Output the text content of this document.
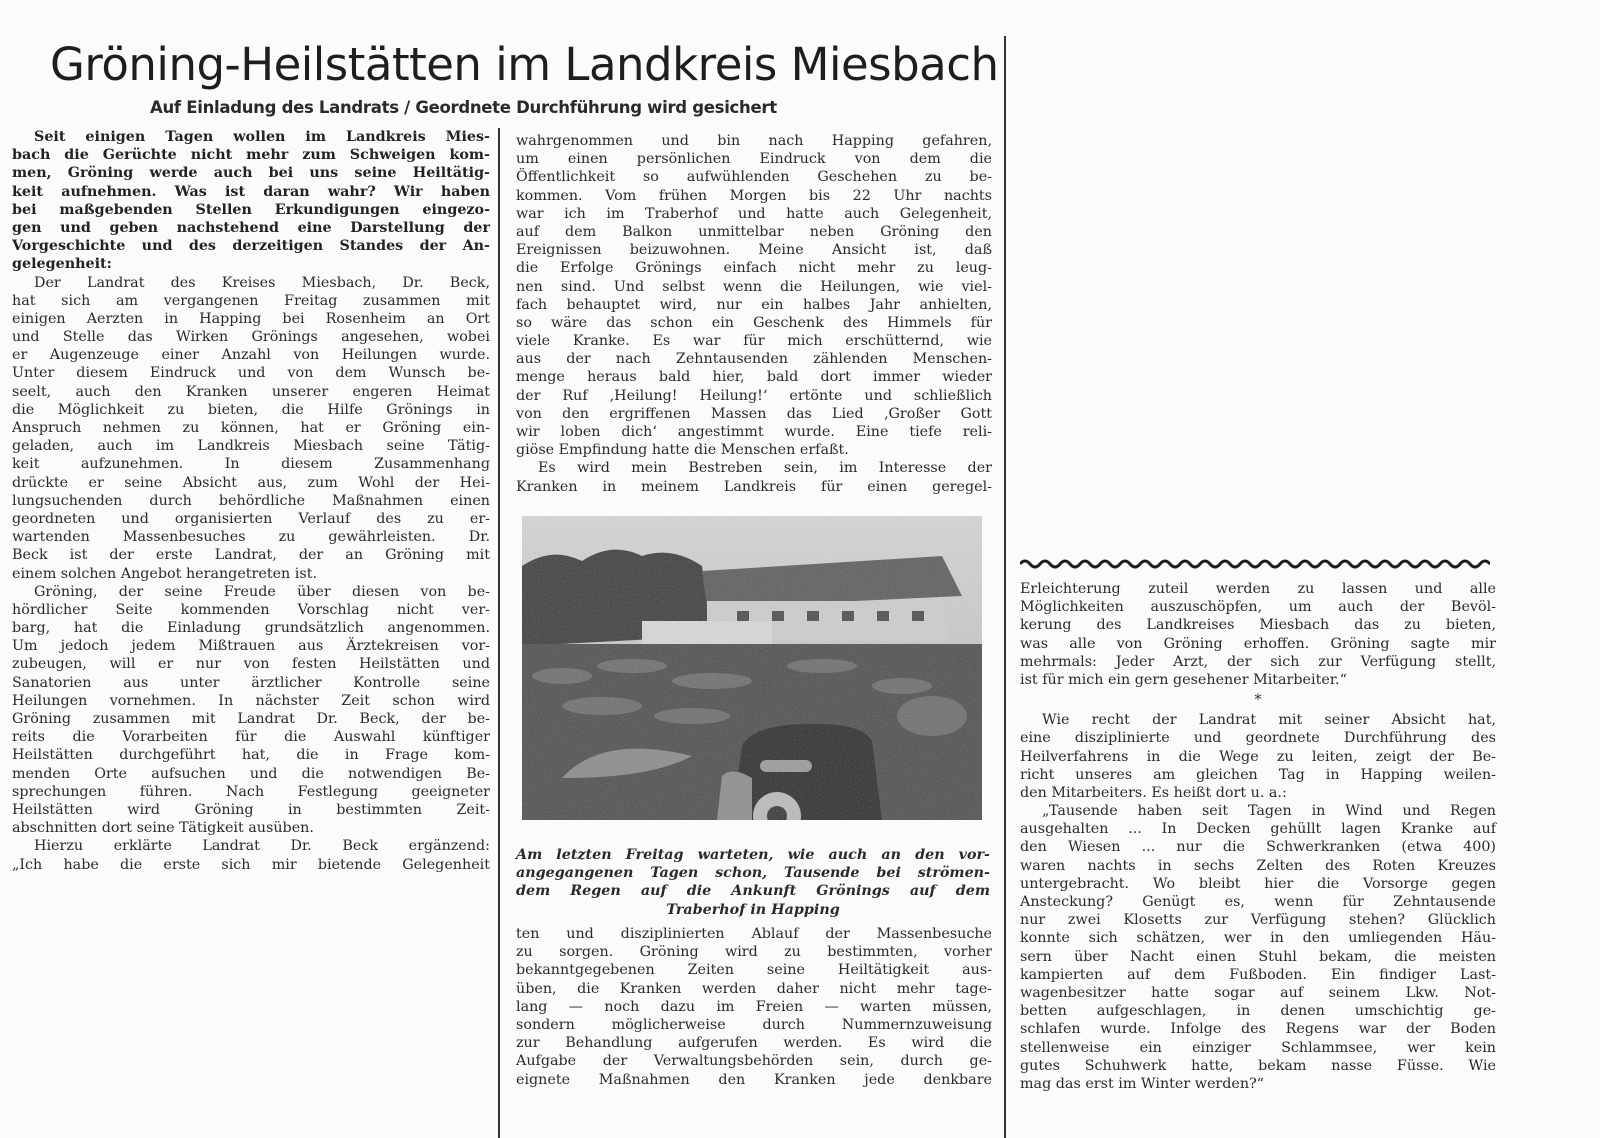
Gröning-Heilstätten im Landkreis Miesbach
Auf Einladung des Landrats / Geordnete Durchführung wird gesichert
Seit einigen Tagen wollen im Landkreis Mies-
bach die Gerüchte nicht mehr zum Schweigen kom-
men, Gröning werde auch bei uns seine Heiltätig-
keit aufnehmen. Was ist daran wahr? Wir haben
bei maßgebenden Stellen Erkundigungen eingezo-
gen und geben nachstehend eine Darstellung der
Vorgeschichte und des derzeitigen Standes der An-
gelegenheit:
Der Landrat des Kreises Miesbach, Dr. Beck,
hat sich am vergangenen Freitag zusammen mit
einigen Aerzten in Happing bei Rosenheim an Ort
und Stelle das Wirken Grönings angesehen, wobei
er Augenzeuge einer Anzahl von Heilungen wurde.
Unter diesem Eindruck und von dem Wunsch be-
seelt, auch den Kranken unserer engeren Heimat
die Möglichkeit zu bieten, die Hilfe Grönings in
Anspruch nehmen zu können, hat er Gröning ein-
geladen, auch im Landkreis Miesbach seine Tätig-
keit aufzunehmen. In diesem Zusammenhang
drückte er seine Absicht aus, zum Wohl der Hei-
lungsuchenden durch behördliche Maßnahmen einen
geordneten und organisierten Verlauf des zu er-
wartenden Massenbesuches zu gewährleisten. Dr.
Beck ist der erste Landrat, der an Gröning mit
einem solchen Angebot herangetreten ist.
Gröning, der seine Freude über diesen von be-
hördlicher Seite kommenden Vorschlag nicht ver-
barg, hat die Einladung grundsätzlich angenommen.
Um jedoch jedem Mißtrauen aus Ärztekreisen vor-
zubeugen, will er nur von festen Heilstätten und
Sanatorien aus unter ärztlicher Kontrolle seine
Heilungen vornehmen. In nächster Zeit schon wird
Gröning zusammen mit Landrat Dr. Beck, der be-
reits die Vorarbeiten für die Auswahl künftiger
Heilstätten durchgeführt hat, die in Frage kom-
menden Orte aufsuchen und die notwendigen Be-
sprechungen führen. Nach Festlegung geeigneter
Heilstätten wird Gröning in bestimmten Zeit-
abschnitten dort seine Tätigkeit ausüben.
Hierzu erklärte Landrat Dr. Beck ergänzend:
„Ich habe die erste sich mir bietende Gelegenheit
wahrgenommen und bin nach Happing gefahren,
um einen persönlichen Eindruck von dem die
Öffentlichkeit so aufwühlenden Geschehen zu be-
kommen. Vom frühen Morgen bis 22 Uhr nachts
war ich im Traberhof und hatte auch Gelegenheit,
auf dem Balkon unmittelbar neben Gröning den
Ereignissen beizuwohnen. Meine Ansicht ist, daß
die Erfolge Grönings einfach nicht mehr zu leug-
nen sind. Und selbst wenn die Heilungen, wie viel-
fach behauptet wird, nur ein halbes Jahr anhielten,
so wäre das schon ein Geschenk des Himmels für
viele Kranke. Es war für mich erschütternd, wie
aus der nach Zehntausenden zählenden Menschen-
menge heraus bald hier, bald dort immer wieder
der Ruf ‚Heilung! Heilung!‘ ertönte und schließlich
von den ergriffenen Massen das Lied ‚Großer Gott
wir loben dich‘ angestimmt wurde. Eine tiefe reli-
giöse Empfindung hatte die Menschen erfaßt.
Es wird mein Bestreben sein, im Interesse der
Kranken in meinem Landkreis für einen geregel-
Am letzten Freitag warteten, wie auch an den vor-
angegangenen Tagen schon, Tausende bei strömen-
dem Regen auf die Ankunft Grönings auf dem
Traberhof in Happing
ten und disziplinierten Ablauf der Massenbesuche
zu sorgen. Gröning wird zu bestimmten, vorher
bekanntgegebenen Zeiten seine Heiltätigkeit aus-
üben, die Kranken werden daher nicht mehr tage-
lang — noch dazu im Freien — warten müssen,
sondern möglicherweise durch Nummernzuweisung
zur Behandlung aufgerufen werden. Es wird die
Aufgabe der Verwaltungsbehörden sein, durch ge-
eignete Maßnahmen den Kranken jede denkbare
Erleichterung zuteil werden zu lassen und alle
Möglichkeiten auszuschöpfen, um auch der Bevöl-
kerung des Landkreises Miesbach das zu bieten,
was alle von Gröning erhoffen. Gröning sagte mir
mehrmals: Jeder Arzt, der sich zur Verfügung stellt,
ist für mich ein gern gesehener Mitarbeiter.“
*
Wie recht der Landrat mit seiner Absicht hat,
eine disziplinierte und geordnete Durchführung des
Heilverfahrens in die Wege zu leiten, zeigt der Be-
richt unseres am gleichen Tag in Happing weilen-
den Mitarbeiters. Es heißt dort u. a.:
„Tausende haben seit Tagen in Wind und Regen
ausgehalten ... In Decken gehüllt lagen Kranke auf
den Wiesen ... nur die Schwerkranken (etwa 400)
waren nachts in sechs Zelten des Roten Kreuzes
untergebracht. Wo bleibt hier die Vorsorge gegen
Ansteckung? Genügt es, wenn für Zehntausende
nur zwei Klosetts zur Verfügung stehen? Glücklich
konnte sich schätzen, wer in den umliegenden Häu-
sern über Nacht einen Stuhl bekam, die meisten
kampierten auf dem Fußboden. Ein findiger Last-
wagenbesitzer hatte sogar auf seinem Lkw. Not-
betten aufgeschlagen, in denen umschichtig ge-
schlafen wurde. Infolge des Regens war der Boden
stellenweise ein einziger Schlammsee, wer kein
gutes Schuhwerk hatte, bekam nasse Füsse. Wie
mag das erst im Winter werden?“
